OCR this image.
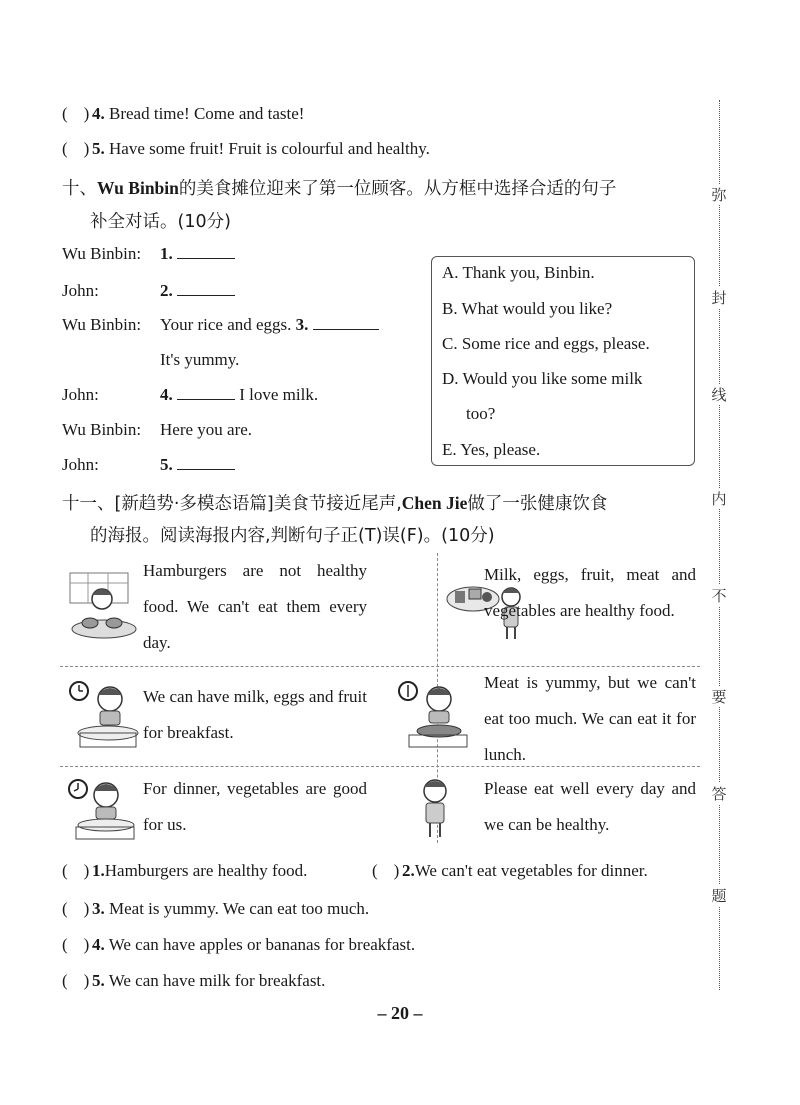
( ) 4. Bread time! Come and taste!
( ) 5. Have some fruit! Fruit is colourful and healthy.
十、Wu Binbin的美食摊位迎来了第一位顾客。从方框中选择合适的句子
补全对话。(10分)
Wu Binbin: 1.
John:	2.
Wu Binbin: Your rice and eggs. 3.
It's yummy.
John:	4.	I love milk.
Wu Binbin: Here you are.
John:	5.
A. Thank you, Binbin.
B. What would you like?
C. Some rice and eggs, please.
D. Would you like some milk
too?
E. Yes, please.
十一、[新趋势·多模态语篇]美食节接近尾声,Chen Jie做了一张健康饮食
的海报。阅读海报内容,判断句子正(T)误(F)。(10分)
Hamburgers are not healthy food. We can't eat them every day.
Milk, eggs, fruit, meat and vegetables are healthy food.
We can have milk, eggs and fruit for breakfast.
Meat is yummy, but we can't eat too much. We can eat it for lunch.
For dinner, vegetables are good for us.
Please eat well every day and we can be healthy.
( ) 1.Hamburgers are healthy food.	( ) 2.We can't eat vegetables for dinner.
( ) 3. Meat is yummy. We can eat too much.
( ) 4. We can have apples or bananas for breakfast.
( ) 5. We can have milk for breakfast.
弥
封
线
内
不
要
答
题
– 20 –
